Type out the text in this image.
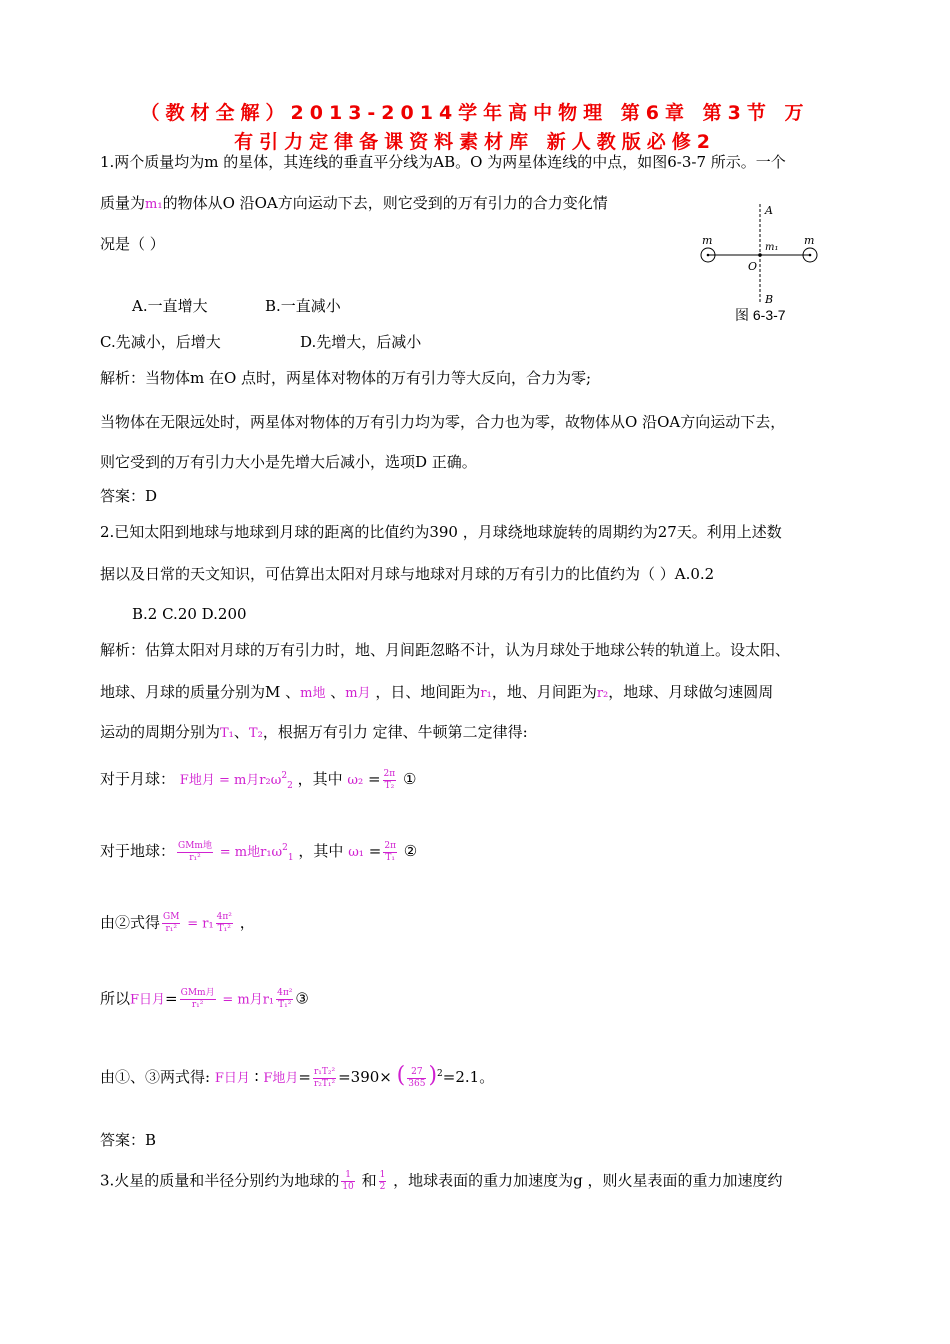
（教材全解）2013-2014学年高中物理 第6章 第3节 万
有引力定律备课资料素材库 新人教版必修2
1.两个质量均为m 的星体，其连线的垂直平分线为AB。O 为两星体连线的中点，如图6-3-7 所示。一个
质量为m₁的物体从O 沿OA方向运动下去，则它受到的万有引力的合力变化情
况是（ ）
A
B
O
m	m
m₁
图 6-3-7
A.一直增大	B.一直减小
C.先减小，后增大	D.先增大，后减小
解析：当物体m 在O 点时，两星体对物体的万有引力等大反向，合力为零;
当物体在无限远处时，两星体对物体的万有引力均为零，合力也为零，故物体从O 沿OA方向运动下去，
则它受到的万有引力大小是先增大后减小，选项D 正确。
答案：D
2.已知太阳到地球与地球到月球的距离的比值约为390 ，月球绕地球旋转的周期约为27天。利用上述数
据以及日常的天文知识，可估算出太阳对月球与地球对月球的万有引力的比值约为（ ）A.0.2
B.2 C.20 D.200
解析：估算太阳对月球的万有引力时，地、月间距忽略不计，认为月球处于地球公转的轨道上。设太阳、
地球、月球的质量分别为M 、m地 、m月 ，日、地间距为r₁，地、月间距为r₂，地球、月球做匀速圆周
运动的周期分别为T₁、T₂，根据万有引力 定律、牛顿第二定律得:
对于月球： F地月 = m月$r_2\omega^2_2$ ，其中 $\omega_2 = \frac{2\pi}{\text{T₂}}$ ①
对于地球： $\frac{\text{GMm地}}{\text{r₁²}} = m$地$r_1\omega^2_1$ ，其中 $\omega_1 = \frac{2\pi}{\text{T₁}}$ ②
由②式得 $\frac{GM}{\text{r₁²}} = r_1 \frac{\text{4π²}}{\text{T₁²}}$ ，
所以F日月= $\frac{\text{GMm月}}{\text{r₁²}} = m$月$r_1 \frac{\text{4π²}}{\text{T₁²}}$ ③
由①、③两式得: F日月 ∶ F地月= $\frac{\text{r₁T₂²}}{\text{r₂T₁²}} =390\times$ ( $\frac{27}{365} )^2=2.1$。
答案：B
3.火星的质量和半径分别约为地球的 $\frac{1}{10}$ 和 $\frac{1}{2}$ ，地球表面的重力加速度为g ，则火星表面的重力加速度约
